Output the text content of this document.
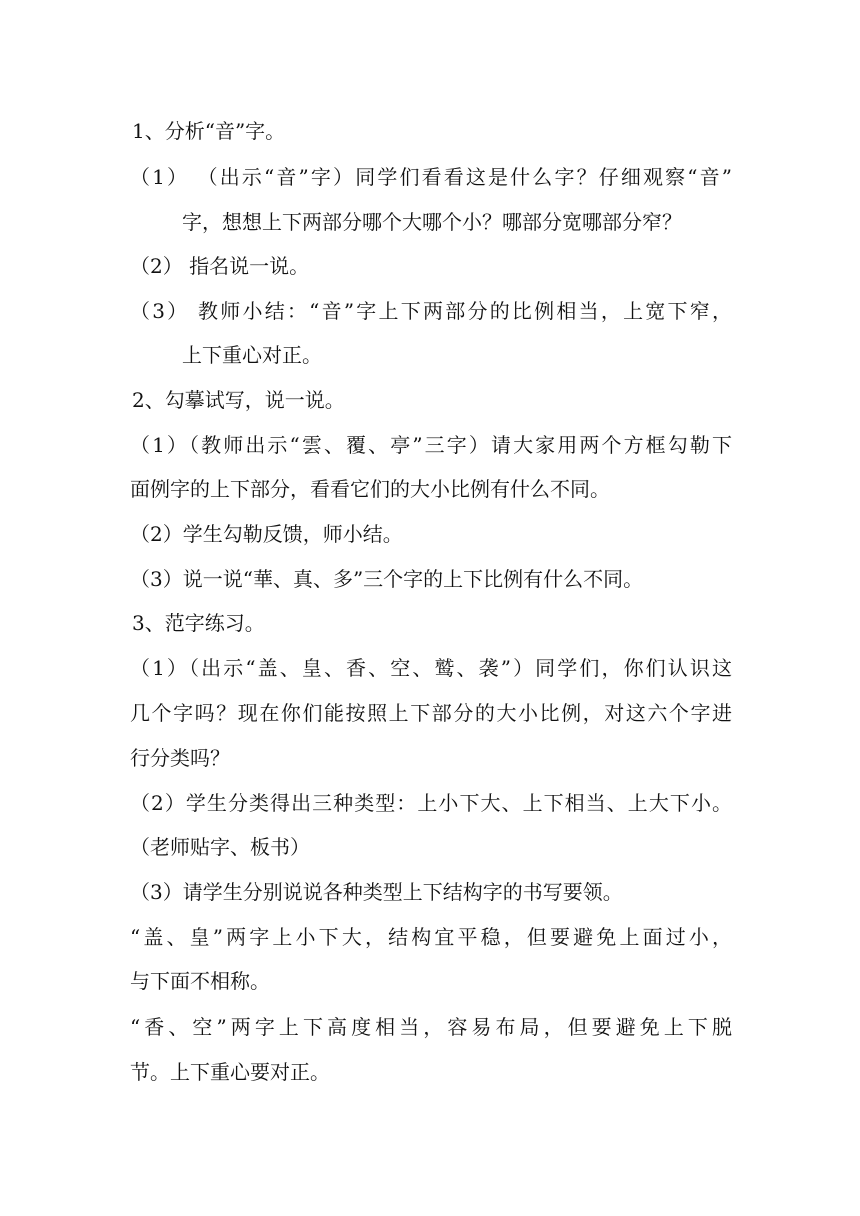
1、分析“音”字。
（1） （出示“音”字）同学们看看这是什么字？仔细观察“音”
字，想想上下两部分哪个大哪个小？哪部分宽哪部分窄？
（2） 指名说一说。
（3） 教师小结：“音”字上下两部分的比例相当，上宽下窄，
上下重心对正。
2、勾摹试写，说一说。
（1）（教师出示“雲、覆、亭”三字）请大家用两个方框勾勒下
面例字的上下部分，看看它们的大小比例有什么不同。
（2）学生勾勒反馈，师小结。
（3）说一说“華、真、多”三个字的上下比例有什么不同。
3、范字练习。
（1）（出示“盖、皇、香、空、鹫、袭”）同学们，你们认识这
几个字吗？现在你们能按照上下部分的大小比例，对这六个字进
行分类吗？
（2）学生分类得出三种类型：上小下大、上下相当、上大下小。
（老师贴字、板书）
（3）请学生分别说说各种类型上下结构字的书写要领。
“盖、皇”两字上小下大，结构宜平稳，但要避免上面过小，
与下面不相称。
“香、空”两字上下高度相当，容易布局，但要避免上下脱
节。上下重心要对正。
